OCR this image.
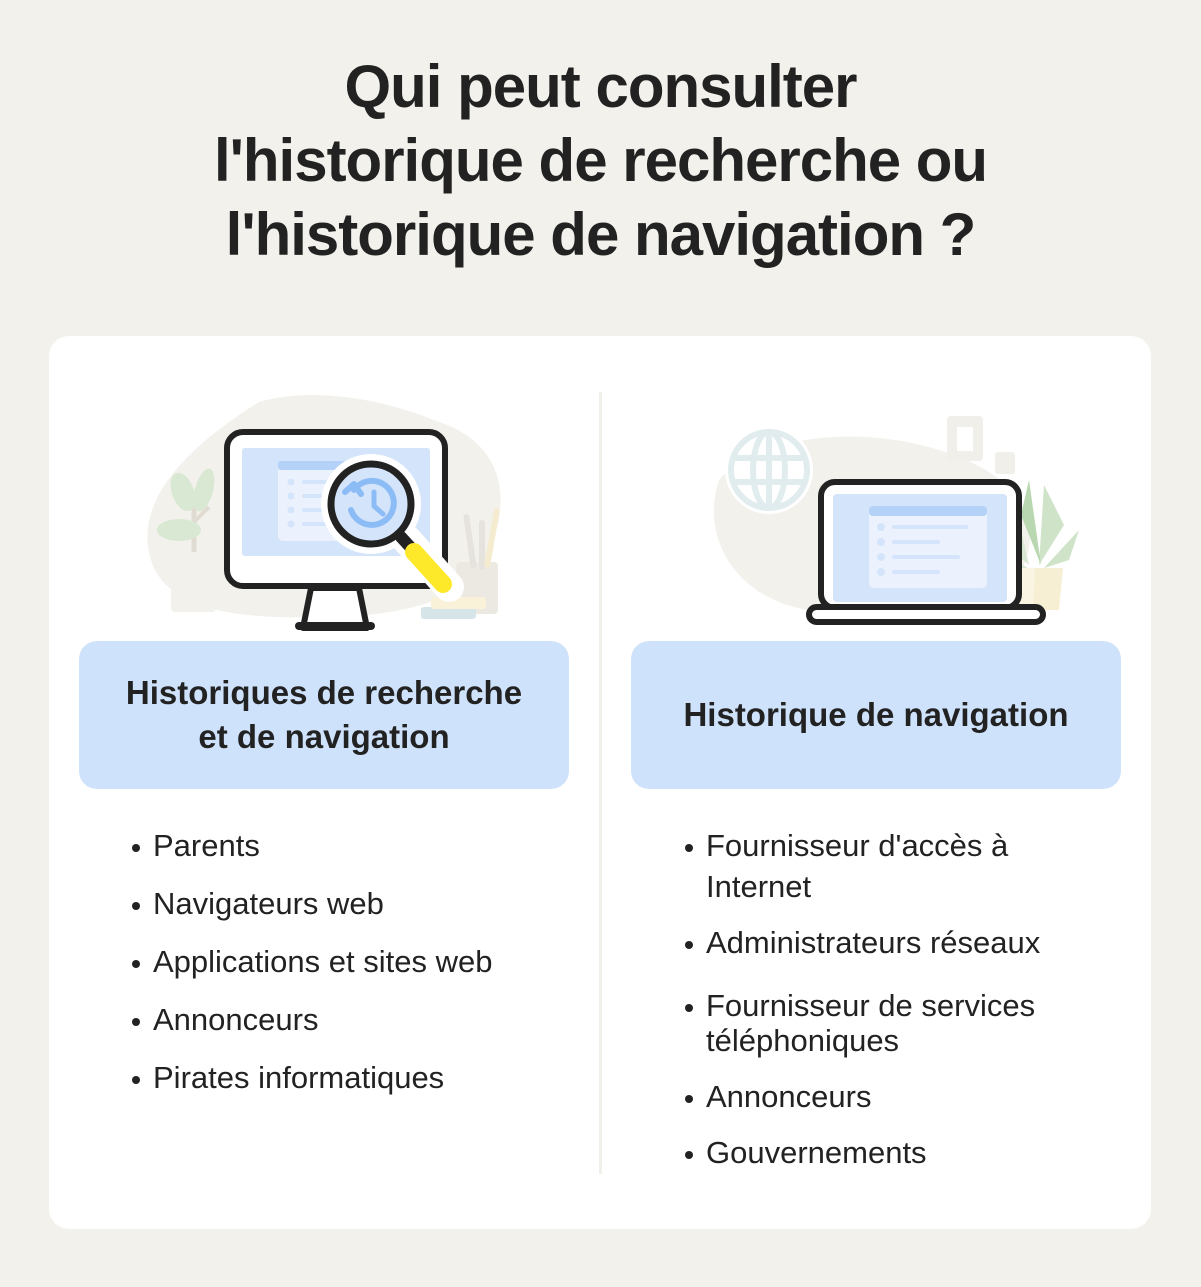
Qui peut consulter
l'historique de recherche ou
l'historique de navigation ?
Historiques de recherche
et de navigation
Historique de navigation
Parents
Navigateurs web
Applications et sites web
Annonceurs
Pirates informatiques
Fournisseur d'accès à
Internet
Administrateurs réseaux
Fournisseur de services
téléphoniques
Annonceurs
Gouvernements
